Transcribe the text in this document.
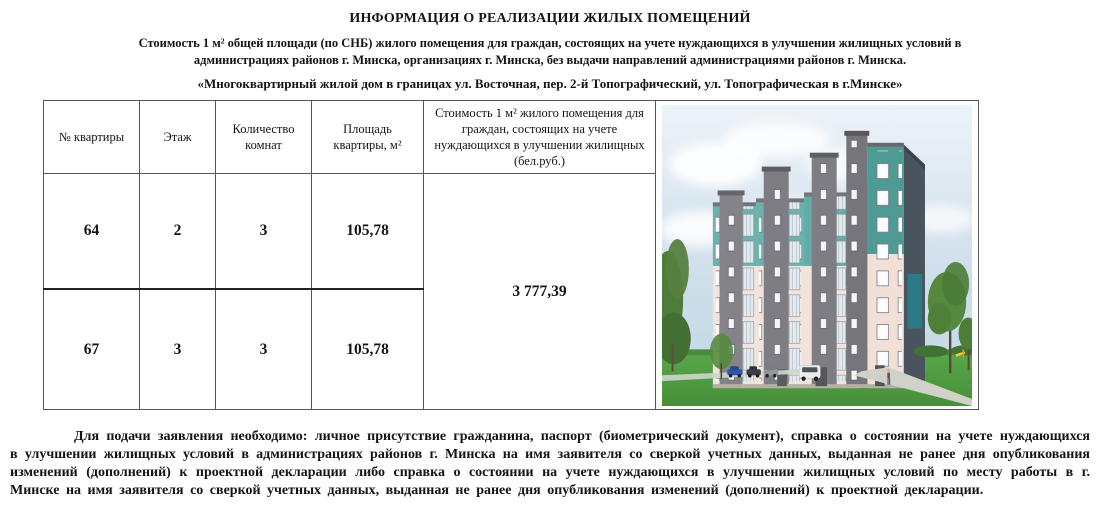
ИНФОРМАЦИЯ О РЕАЛИЗАЦИИ ЖИЛЫХ ПОМЕЩЕНИЙ
Стоимость 1 м² общей площади (по СНБ) жилого помещения для граждан, состоящих на учете нуждающихся в улучшении жилищных условий в
администрациях районов г. Минска, организациях г. Минска, без выдачи направлений администрациями районов г. Минска.
«Многоквартирный жилой дом в границах ул. Восточная, пер. 2-й Топографический, ул. Топографическая в г.Минске»
№ квартиры	Этаж	Количество комнат	Площадь квартиры, м²	Стоимость 1 м² жилого помещения для граждан, состоящих на учете нуждающихся в улучшении жилищных (бел.руб.)	

64	2	3	105,78	3 777,39	
67	3	3	105,78		
Для подачи заявления необходимо: личное присутствие гражданина, паспорт (биометрический документ), справка о состоянии на учете нуждающихся в улучшении жилищных условий в администрациях районов г. Минска на имя заявителя со сверкой учетных данных, выданная не ранее дня опубликования изменений (дополнений) к проектной декларации либо справка о состоянии на учете нуждающихся в улучшении жилищных условий по месту работы в г. Минске на имя заявителя со сверкой учетных данных, выданная не ранее дня опубликования изменений (дополнений) к проектной декларации.
